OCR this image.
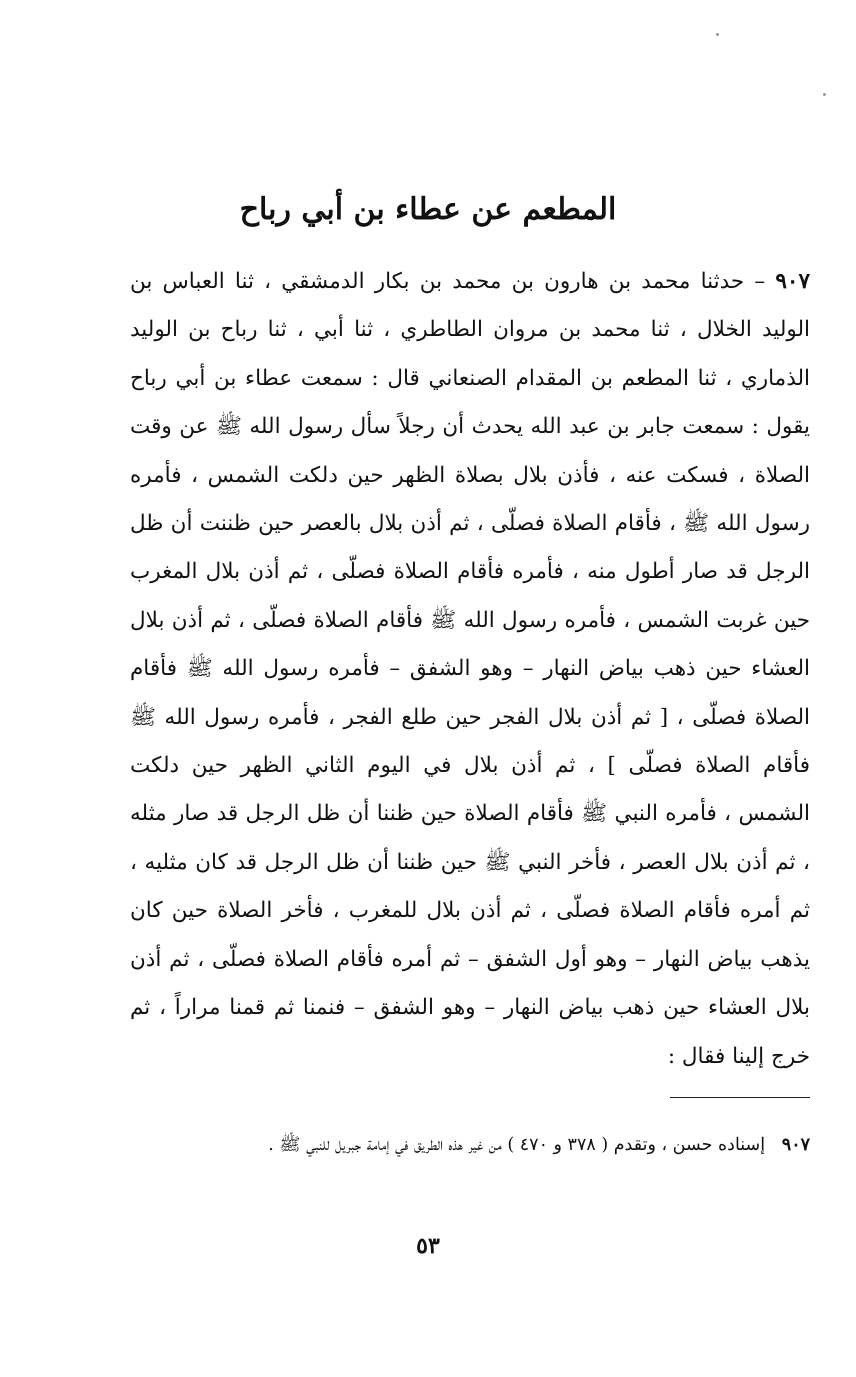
المطعم عن عطاء بن أبي رباح
٩٠٧ – حدثنا محمد بن هارون بن محمد بن بكار الدمشقي ، ثنا العباس بن الوليد الخلال ، ثنا محمد بن مروان الطاطري ، ثنا أبي ، ثنا رباح بن الوليد الذماري ، ثنا المطعم بن المقدام الصنعاني قال : سمعت عطاء بن أبي رباح يقول : سمعت جابر بن عبد الله يحدث أن رجلاً سأل رسول الله ﷺ عن وقت الصلاة ، فسكت عنه ، فأذن بلال بصلاة الظهر حين دلكت الشمس ، فأمره رسول الله ﷺ ، فأقام الصلاة فصلّى ، ثم أذن بلال بالعصر حين ظننت أن ظل الرجل قد صار أطول منه ، فأمره فأقام الصلاة فصلّى ، ثم أذن بلال المغرب حين غربت الشمس ، فأمره رسول الله ﷺ فأقام الصلاة فصلّى ، ثم أذن بلال العشاء حين ذهب بياض النهار – وهو الشفق – فأمره رسول الله ﷺ فأقام الصلاة فصلّى ، [ ثم أذن بلال الفجر حين طلع الفجر ، فأمره رسول الله ﷺ فأقام الصلاة فصلّى ] ، ثم أذن بلال في اليوم الثاني الظهر حين دلكت الشمس ، فأمره النبي ﷺ فأقام الصلاة حين ظننا أن ظل الرجل قد صار مثله ، ثم أذن بلال العصر ، فأخر النبي ﷺ حين ظننا أن ظل الرجل قد كان مثليه ، ثم أمره فأقام الصلاة فصلّى ، ثم أذن بلال للمغرب ، فأخر الصلاة حين كان يذهب بياض النهار – وهو أول الشفق – ثم أمره فأقام الصلاة فصلّى ، ثم أذن بلال العشاء حين ذهب بياض النهار – وهو الشفق – فنمنا ثم قمنا مراراً ، ثم خرج إلينا فقال :
٩٠٧   إسناده حسن ، وتقدم ( ٣٧٨ و ٤٧٠ ) من غير هذه الطريق في إمامة جبريل للنبي ﷺ .
٥٣
